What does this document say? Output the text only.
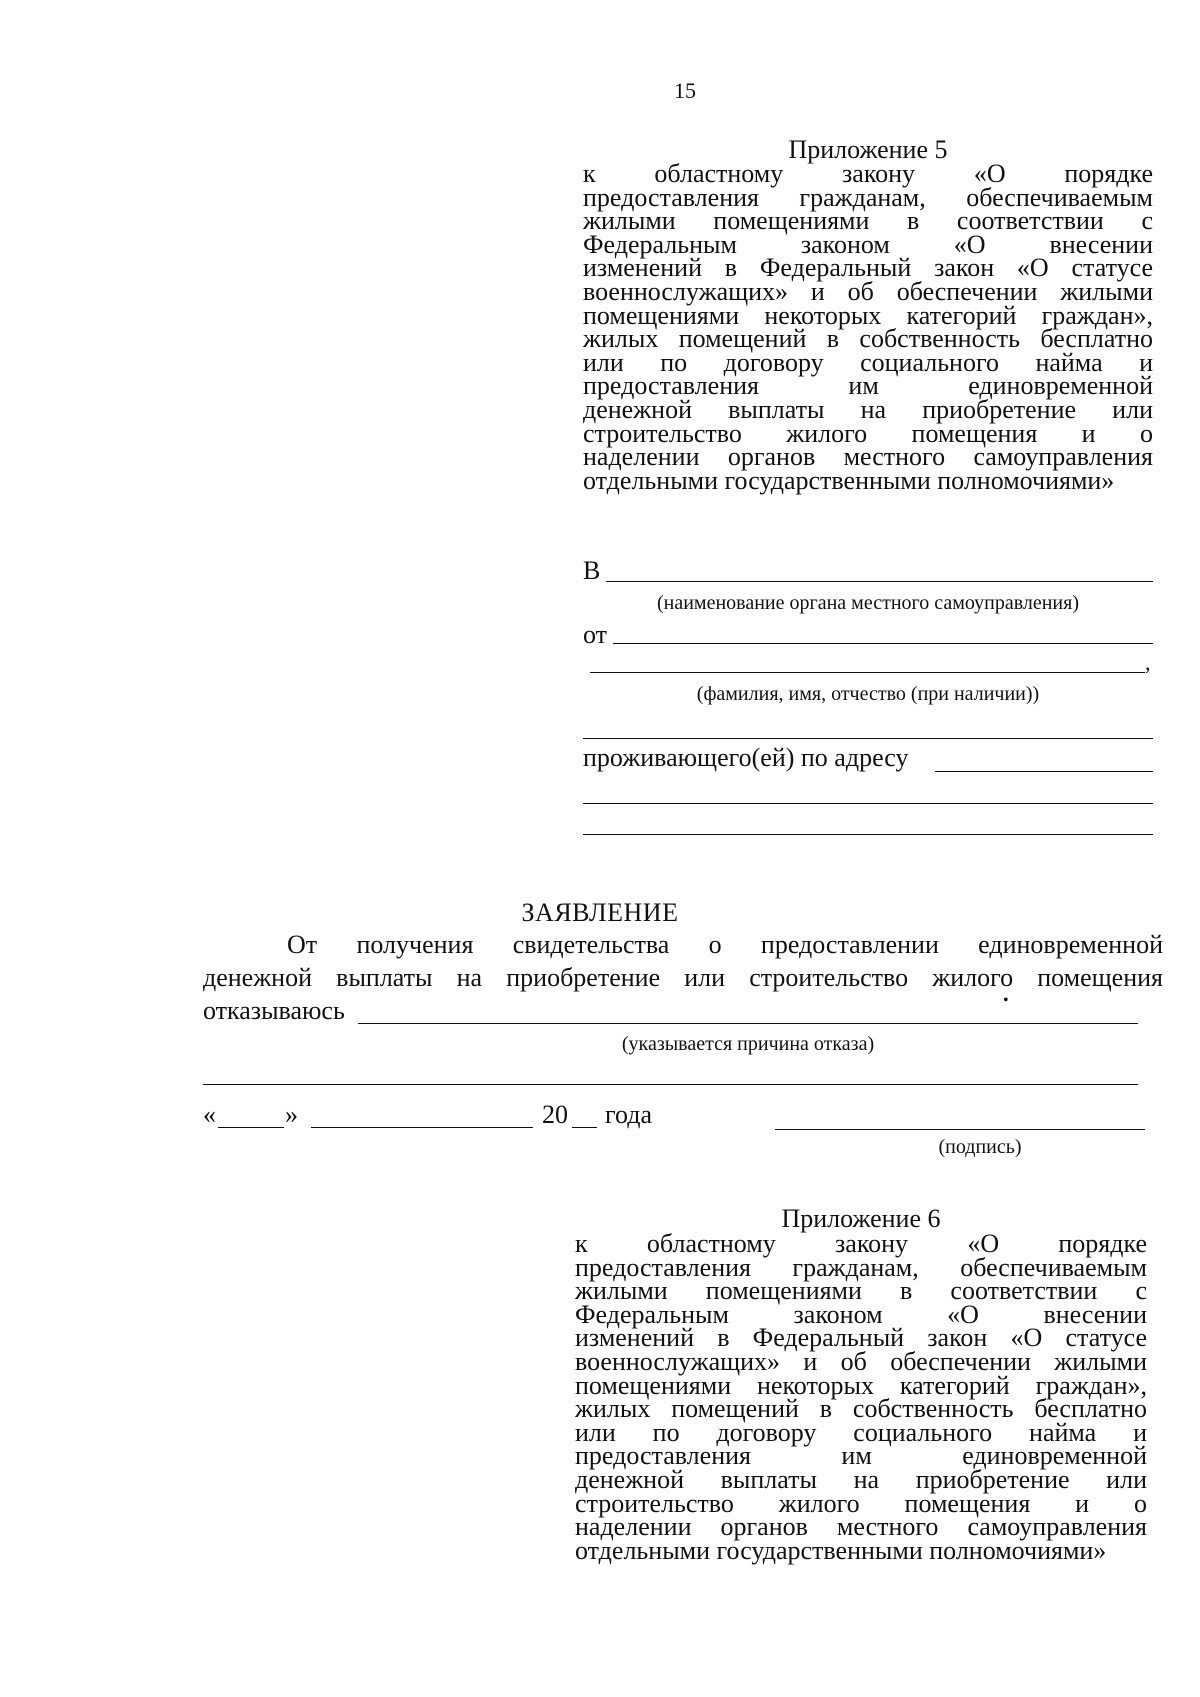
15
Приложение 5
к областному закону «О порядке
предоставления гражданам, обеспечиваемым
жилыми помещениями в соответствии с
Федеральным законом «О внесении
изменений в Федеральный закон «О статусе
военнослужащих» и об обеспечении жилыми
помещениями некоторых категорий граждан»,
жилых помещений в собственность бесплатно
или по договору социального найма и
предоставления им единовременной
денежной выплаты на приобретение или
строительство жилого помещения и о
наделении органов местного самоуправления
отдельными государственными полномочиями»
В
(наименование органа местного самоуправления)
от
,
(фамилия, имя, отчество (при наличии))
проживающего(ей) по адресу
ЗАЯВЛЕНИЕ
От получения свидетельства о предоставлении единовременной
денежной выплаты на приобретение или строительство жилого помещения
отказываюсь	•
(указывается причина отказа)
«	»	20 года
(подпись)
Приложение 6
к областному закону «О порядке
предоставления гражданам, обеспечиваемым
жилыми помещениями в соответствии с
Федеральным законом «О внесении
изменений в Федеральный закон «О статусе
военнослужащих» и об обеспечении жилыми
помещениями некоторых категорий граждан»,
жилых помещений в собственность бесплатно
или по договору социального найма и
предоставления им единовременной
денежной выплаты на приобретение или
строительство жилого помещения и о
наделении органов местного самоуправления
отдельными государственными полномочиями»
